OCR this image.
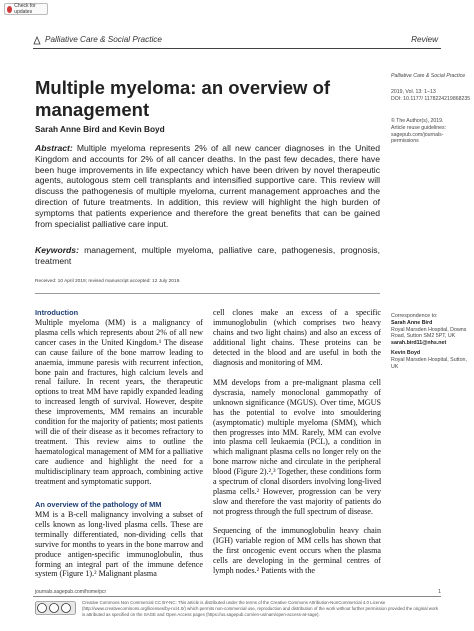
Check for updates
Palliative Care & Social Practice	Review
Multiple myeloma: an overview of management
Sarah Anne Bird and Kevin Boyd
Palliative Care & Social Practice
2019, Vol. 13: 1–13
DOI: 10.1177/ 1178224219868235
© The Author(s), 2019.
Article reuse guidelines: sagepub.com/journals- permissions

Abstract: Multiple myeloma represents 2% of all new cancer diagnoses in the United Kingdom and accounts for 2% of all cancer deaths. In the past few decades, there have been huge improvements in life expectancy which have been driven by novel therapeutic agents, autologous stem cell transplants and intensified supportive care. This review will discuss the pathogenesis of multiple myeloma, current management approaches and the direction of future treatments. In addition, this review will highlight the high burden of symptoms that patients experience and therefore the great benefits that can be gained from specialist palliative care input.

Keywords: management, multiple myeloma, palliative care, pathogenesis, prognosis, treatment

Received: 10 April 2019; revised manuscript accepted: 12 July 2019.
Introduction

Multiple myeloma (MM) is a malignancy of plasma cells which represents about 2% of all new cancer cases in the United Kingdom.¹ The disease can cause failure of the bone marrow leading to anaemia, immune paresis with recurrent infection, bone pain and fractures, high calcium levels and renal failure. In recent years, the therapeutic options to treat MM have rapidly expanded leading to increased length of survival. However, despite these improvements, MM remains an incurable condition for the majority of patients; most patients will die of their disease as it becomes refractory to treatment. This review aims to outline the haematological management of MM for a palliative care audience and highlight the need for a multidisciplinary team approach, combining active treatment and symptomatic support.

An overview of the pathology of MM

MM is a B-cell malignancy involving a subset of cells known as long-lived plasma cells. These are terminally differentiated, non-dividing cells that survive for months to years in the bone marrow and produce antigen-specific immunoglobulin, thus forming an integral part of the immune defence system (Figure 1).² Malignant plasma

cell clones make an excess of a specific immunoglobulin (which comprises two heavy chains and two light chains) and also an excess of additional light chains. These proteins can be detected in the blood and are useful in both the diagnosis and monitoring of MM.

MM develops from a pre-malignant plasma cell dyscrasia, namely monoclonal gammopathy of unknown significance (MGUS). Over time, MGUS has the potential to evolve into smouldering (asymptomatic) multiple myeloma (SMM), which then progresses into MM. Rarely, MM can evolve into plasma cell leukaemia (PCL), a condition in which malignant plasma cells no longer rely on the bone marrow niche and circulate in the peripheral blood (Figure 2).²,³ Together, these conditions form a spectrum of clonal disorders involving long-lived plasma cells.² However, progression can be very slow and therefore the vast majority of patients do not progress through the full spectrum of disease.

Sequencing of the immunoglobulin heavy chain (IGH) variable region of MM cells has shown that the first oncogenic event occurs when the plasma cells are developing in the germinal centres of lymph nodes.² Patients with the

Correspondence to:
Sarah Anne Bird
Royal Marsden Hospital, Downs Road, Sutton SM2 5PT, UK
sarah.bird11@nhs.net
Kevin Boyd
Royal Marsden Hospital, Sutton, UK
journals.sagepub.com/home/pcr	1
Creative Commons Non Commercial CC BY-NC: This article is distributed under the terms of the Creative Commons Attribution-NonCommercial 4.0 License (http://www.creativecommons.org/licenses/by-nc/4.0/) which permits non-commercial use, reproduction and distribution of the work without further permission provided the original work is attributed as specified on the SAGE and Open Access pages (https://us.sagepub.com/en-us/nam/open-access-at-sage).
